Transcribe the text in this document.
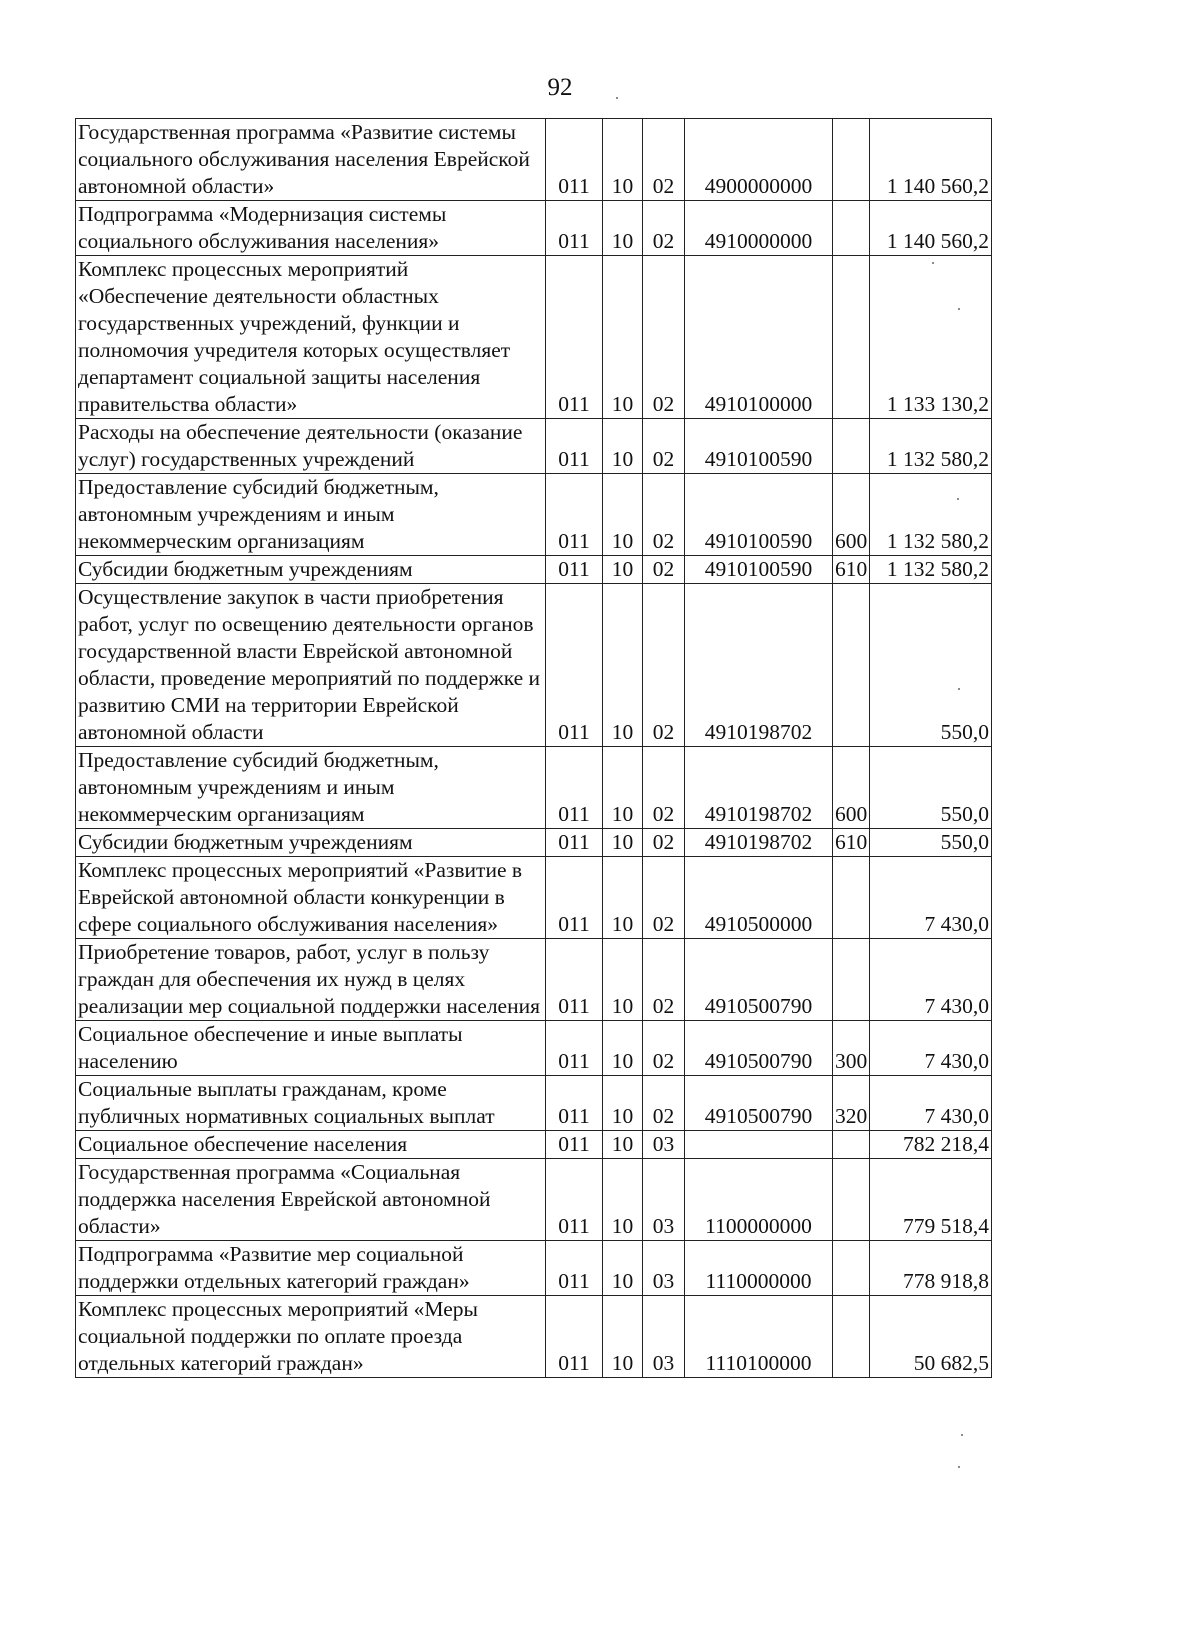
92
Государственная программа «Развитие системы социального обслуживания населения Еврейской автономной области»	011	10	02	4900000000		1 140 560,2
Подпрограмма «Модернизация системы социального обслуживания населения»	011	10	02	4910000000		1 140 560,2
Комплекс процессных мероприятий «Обеспечение деятельности областных государственных учреждений, функции и полномочия учредителя которых осуществляет департамент социальной защиты населения правительства области»	011	10	02	4910100000		1 133 130,2
Расходы на обеспечение деятельности (оказание услуг) государственных учреждений	011	10	02	4910100590		1 132 580,2
Предоставление субсидий бюджетным, автономным учреждениям и иным некоммерческим организациям	011	10	02	4910100590	600	1 132 580,2
Субсидии бюджетным учреждениям	011	10	02	4910100590	610	1 132 580,2
Осуществление закупок в части приобретения работ, услуг по освещению деятельности органов государственной власти Еврейской автономной области, проведение мероприятий по поддержке и развитию СМИ на территории Еврейской автономной области	011	10	02	4910198702		550,0
Предоставление субсидий бюджетным, автономным учреждениям и иным некоммерческим организациям	011	10	02	4910198702	600	550,0
Субсидии бюджетным учреждениям	011	10	02	4910198702	610	550,0
Комплекс процессных мероприятий «Развитие в Еврейской автономной области конкуренции в сфере социального обслуживания населения»	011	10	02	4910500000		7 430,0
Приобретение товаров, работ, услуг в пользу граждан для обеспечения их нужд в целях реализации мер социальной поддержки населения	011	10	02	4910500790		7 430,0
Социальное обеспечение и иные выплаты населению	011	10	02	4910500790	300	7 430,0
Социальные выплаты гражданам, кроме публичных нормативных социальных выплат	011	10	02	4910500790	320	7 430,0
Социальное обеспечение населения	011	10	03			782 218,4
Государственная программа «Социальная поддержка населения Еврейской автономной области»	011	10	03	1100000000		779 518,4
Подпрограмма «Развитие мер социальной поддержки отдельных категорий граждан»	011	10	03	1110000000		778 918,8
Комплекс процессных мероприятий «Меры социальной поддержки по оплате проезда отдельных категорий граждан»	011	10	03	1110100000		50 682,5
